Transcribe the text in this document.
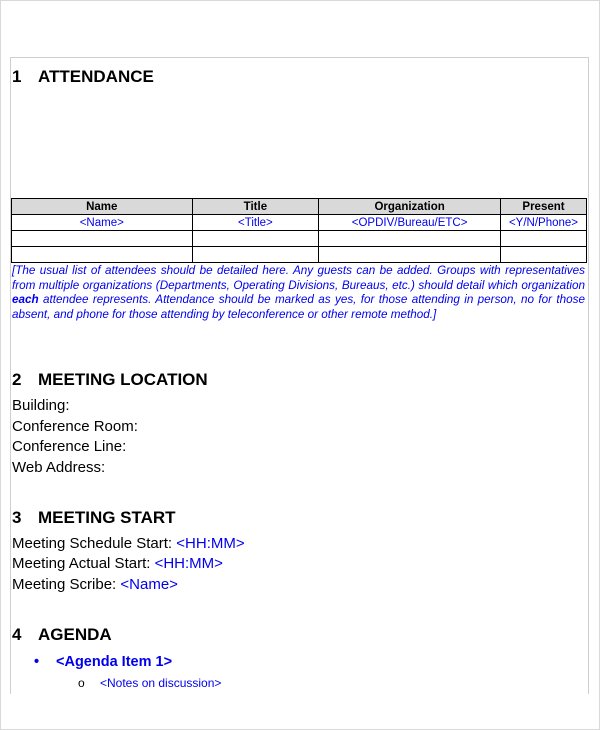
1 ATTENDANCE
Name	Title	Organization	Present
<Name>	<Title>	<OPDIV/Bureau/ETC>	<Y/N/Phone>

[The usual list of attendees should be detailed here. Any guests can be added. Groups with representatives from multiple organizations (Departments, Operating Divisions, Bureaus, etc.) should detail which organization each attendee represents. Attendance should be marked as yes, for those attending in person, no for those absent, and phone for those attending by teleconference or other remote method.]
2 MEETING LOCATION
Building:
Conference Room:
Conference Line:
Web Address:
3 MEETING START
Meeting Schedule Start: <HH:MM>
Meeting Actual Start: <HH:MM>
Meeting Scribe: <Name>
4 AGENDA
• <Agenda Item 1>
o <Notes on discussion>
